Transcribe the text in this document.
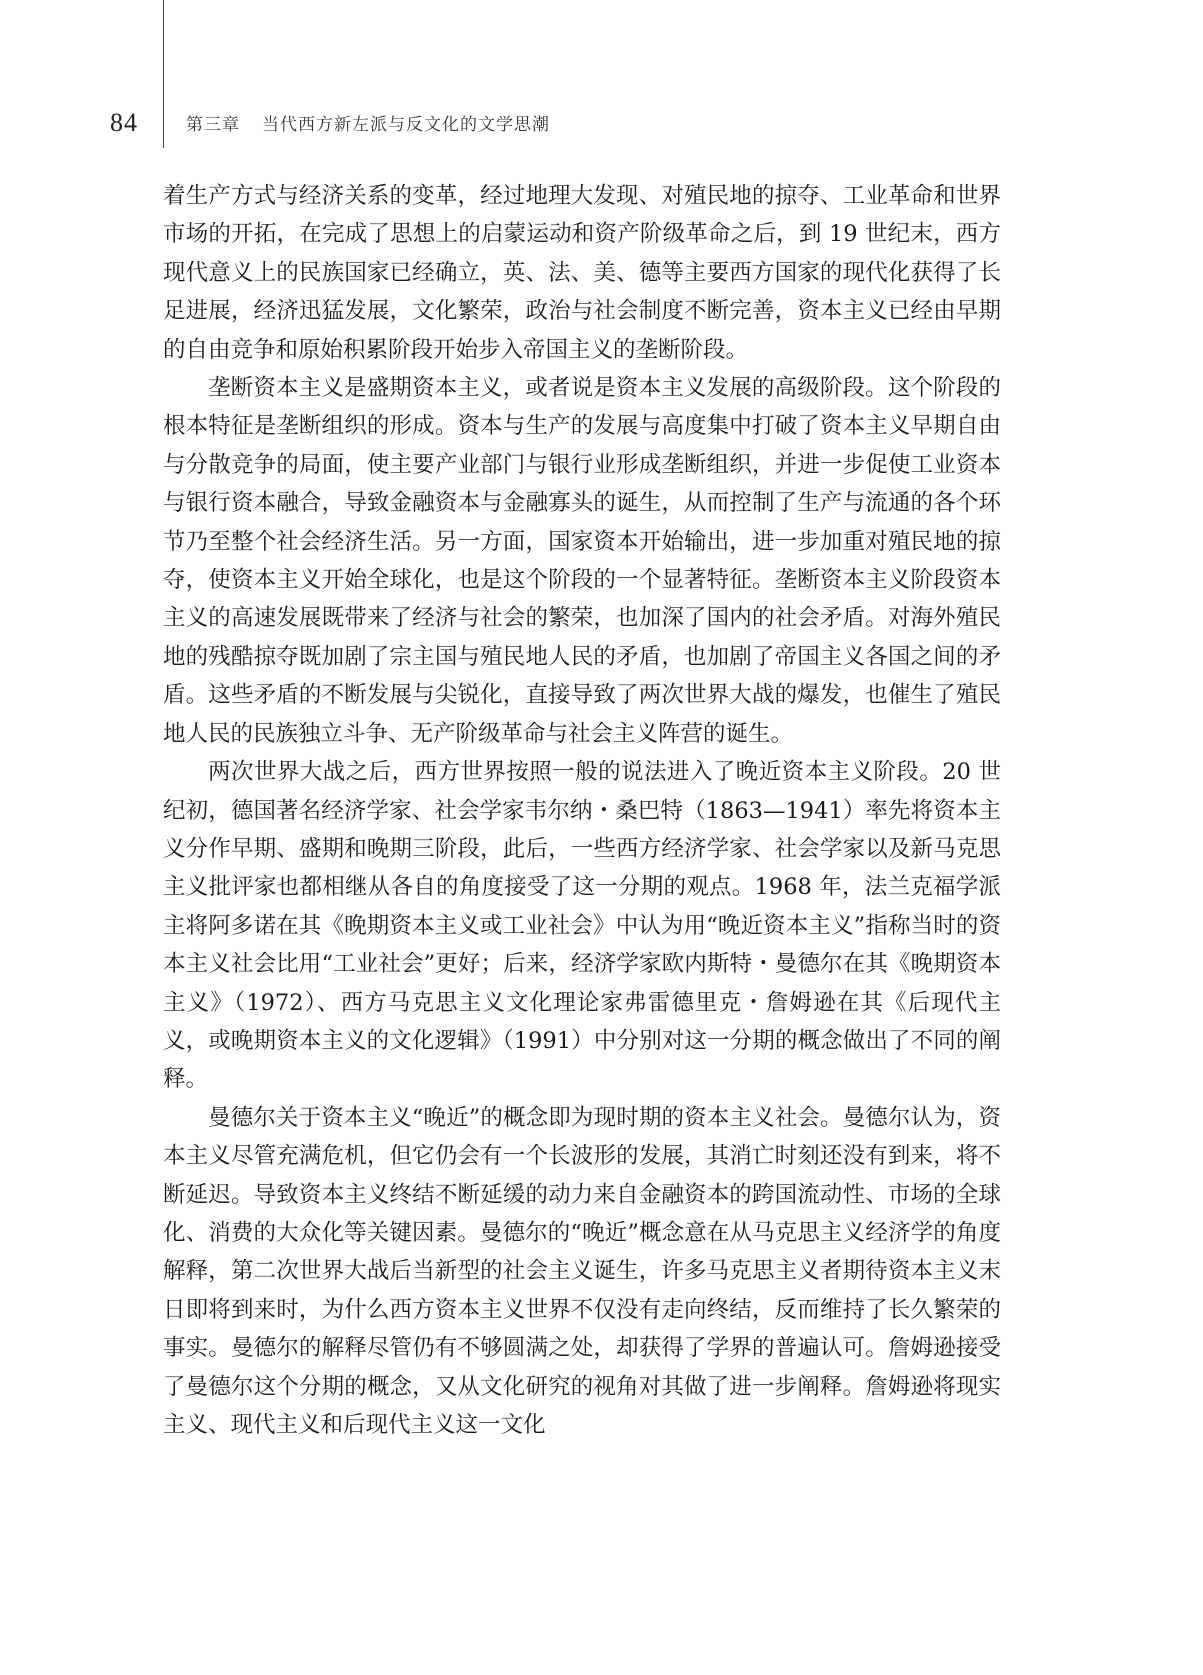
84	第三章 当代西方新左派与反文化的文学思潮

着生产方式与经济关系的变革，经过地理大发现、对殖民地的掠夺、工业革命和世界市场的开拓，在完成了思想上的启蒙运动和资产阶级革命之后，到 19 世纪末，西方现代意义上的民族国家已经确立，英、法、美、德等主要西方国家的现代化获得了长足进展，经济迅猛发展，文化繁荣，政治与社会制度不断完善，资本主义已经由早期的自由竞争和原始积累阶段开始步入帝国主义的垄断阶段。

垄断资本主义是盛期资本主义，或者说是资本主义发展的高级阶段。这个阶段的根本特征是垄断组织的形成。资本与生产的发展与高度集中打破了资本主义早期自由与分散竞争的局面，使主要产业部门与银行业形成垄断组织，并进一步促使工业资本与银行资本融合，导致金融资本与金融寡头的诞生，从而控制了生产与流通的各个环节乃至整个社会经济生活。另一方面，国家资本开始输出，进一步加重对殖民地的掠夺，使资本主义开始全球化，也是这个阶段的一个显著特征。垄断资本主义阶段资本主义的高速发展既带来了经济与社会的繁荣，也加深了国内的社会矛盾。对海外殖民地的残酷掠夺既加剧了宗主国与殖民地人民的矛盾，也加剧了帝国主义各国之间的矛盾。这些矛盾的不断发展与尖锐化，直接导致了两次世界大战的爆发，也催生了殖民地人民的民族独立斗争、无产阶级革命与社会主义阵营的诞生。

两次世界大战之后，西方世界按照一般的说法进入了晚近资本主义阶段。20 世纪初，德国著名经济学家、社会学家韦尔纳・桑巴特（1863—1941）率先将资本主义分作早期、盛期和晚期三阶段，此后，一些西方经济学家、社会学家以及新马克思主义批评家也都相继从各自的角度接受了这一分期的观点。1968 年，法兰克福学派主将阿多诺在其《晚期资本主义或工业社会》中认为用“晚近资本主义”指称当时的资本主义社会比用“工业社会”更好；后来，经济学家欧内斯特・曼德尔在其《晚期资本主义》（1972）、西方马克思主义文化理论家弗雷德里克・詹姆逊在其《后现代主义，或晚期资本主义的文化逻辑》（1991）中分别对这一分期的概念做出了不同的阐释。

曼德尔关于资本主义“晚近”的概念即为现时期的资本主义社会。曼德尔认为，资本主义尽管充满危机，但它仍会有一个长波形的发展，其消亡时刻还没有到来，将不断延迟。导致资本主义终结不断延缓的动力来自金融资本的跨国流动性、市场的全球化、消费的大众化等关键因素。曼德尔的“晚近”概念意在从马克思主义经济学的角度解释，第二次世界大战后当新型的社会主义诞生，许多马克思主义者期待资本主义末日即将到来时，为什么西方资本主义世界不仅没有走向终结，反而维持了长久繁荣的事实。曼德尔的解释尽管仍有不够圆满之处，却获得了学界的普遍认可。詹姆逊接受了曼德尔这个分期的概念，又从文化研究的视角对其做了进一步阐释。詹姆逊将现实主义、现代主义和后现代主义这一文化
